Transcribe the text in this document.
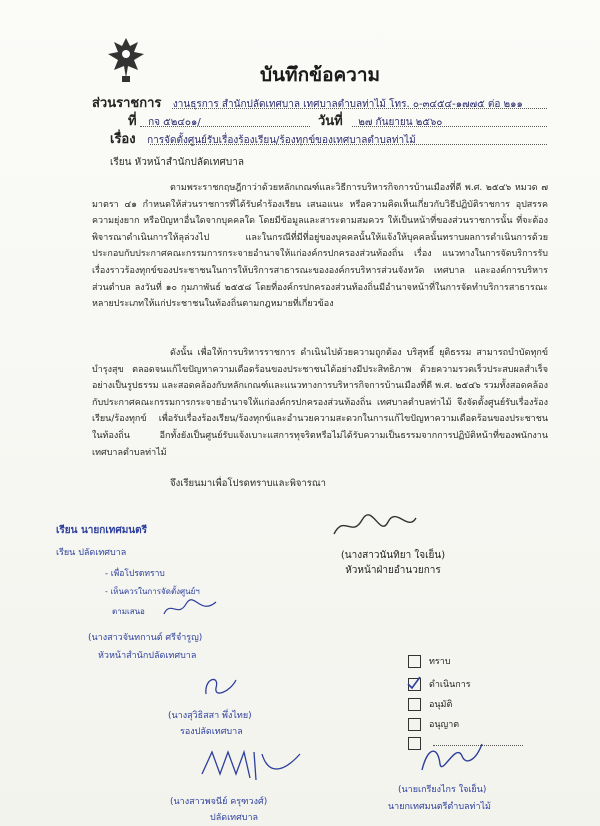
บันทึกข้อความ
ส่วนราชการ งานธุรการ สำนักปลัดเทศบาล เทศบาลตำบลท่าไม้ โทร. ๐-๓๔๕๔-๑๗๗๕ ต่อ ๒๑๑
ที่ กจ ๕๒๔๐๑/	วันที่ ๒๗ กันยายน ๒๕๖๐
เรื่อง การจัดตั้งศูนย์รับเรื่องร้องเรียน/ร้องทุกข์ของเทศบาลตำบลท่าไม้
เรียน หัวหน้าสำนักปลัดเทศบาล
ตามพระราชกฤษฎีกาว่าด้วยหลักเกณฑ์และวิธีการบริหารกิจการบ้านเมืองที่ดี พ.ศ. ๒๕๔๖ หมวด ๗ มาตรา ๔๑ กำหนดให้ส่วนราชการที่ได้รับคำร้องเรียน เสนอแนะ หรือความคิดเห็นเกี่ยวกับวิธีปฏิบัติราชการ อุปสรรค ความยุ่งยาก หรือปัญหาอื่นใดจากบุคคลใด โดยมีข้อมูลและสาระตามสมควร ให้เป็นหน้าที่ของส่วนราชการนั้น ที่จะต้องพิจารณาดำเนินการให้ลุล่วงไป และในกรณีที่มีที่อยู่ของบุคคลนั้นให้แจ้งให้บุคคลนั้นทราบผลการดำเนินการด้วย ประกอบกับประกาศคณะกรรมการกระจายอำนาจให้แก่องค์กรปกครองส่วนท้องถิ่น เรื่อง แนวทางในการจัดบริการรับเรื่องราวร้องทุกข์ของประชาชนในการให้บริการสาธารณะขององค์กรบริหารส่วนจังหวัด เทศบาล และองค์การบริหารส่วนตำบล ลงวันที่ ๑๐ กุมภาพันธ์ ๒๕๕๘ โดยที่องค์กรปกครองส่วนท้องถิ่นมีอำนาจหน้าที่ในการจัดทำบริการสาธารณะหลายประเภทให้แก่ประชาชนในท้องถิ่นตามกฎหมายที่เกี่ยวข้อง
ดังนั้น เพื่อให้การบริหารราชการ ดำเนินไปด้วยความถูกต้อง บริสุทธิ์ ยุติธรรม สามารถบำบัดทุกข์บำรุงสุข ตลอดจนแก้ไขปัญหาความเดือดร้อนของประชาชนได้อย่างมีประสิทธิภาพ ด้วยความรวดเร็วประสบผลสำเร็จอย่างเป็นรูปธรรม และสอดคล้องกับหลักเกณฑ์และแนวทางการบริหารกิจการบ้านเมืองที่ดี พ.ศ. ๒๕๔๖ รวมทั้งสอดคล้องกับประกาศคณะกรรมการกระจายอำนาจให้แก่องค์กรปกครองส่วนท้องถิ่น เทศบาลตำบลท่าไม้ จึงจัดตั้งศูนย์รับเรื่องร้องเรียน/ร้องทุกข์ เพื่อรับเรื่องร้องเรียน/ร้องทุกข์และอำนวยความสะดวกในการแก้ไขปัญหาความเดือดร้อนของประชาชนในท้องถิ่น อีกทั้งยังเป็นศูนย์รับแจ้งเบาะแสการทุจริตหรือไม่ได้รับความเป็นธรรมจากการปฏิบัติหน้าที่ของพนักงานเทศบาลตำบลท่าไม้
จึงเรียนมาเพื่อโปรดทราบและพิจารณา
(นางสาวนันทิยา ใจเย็น)
หัวหน้าฝ่ายอำนวยการ
เรียน นายกเทศมนตรี
เรียน ปลัดเทศบาล
- เพื่อโปรดทราบ
- เห็นควรในการจัดตั้งศูนย์ฯ
ตามเสนอ
(นางสาวจันทกานต์ ศรีจำรูญ)
หัวหน้าสำนักปลัดเทศบาล
(นางสุวิธิสสา พึ่งไทย)
รองปลัดเทศบาล
(นางสาวพจนีย์ ครุฑวงศ์)
ปลัดเทศบาล
ทราบ
ดำเนินการ
อนุมัติ
อนุญาต
(นายเกรียงไกร ใจเย็น)
นายกเทศมนตรีตำบลท่าไม้
